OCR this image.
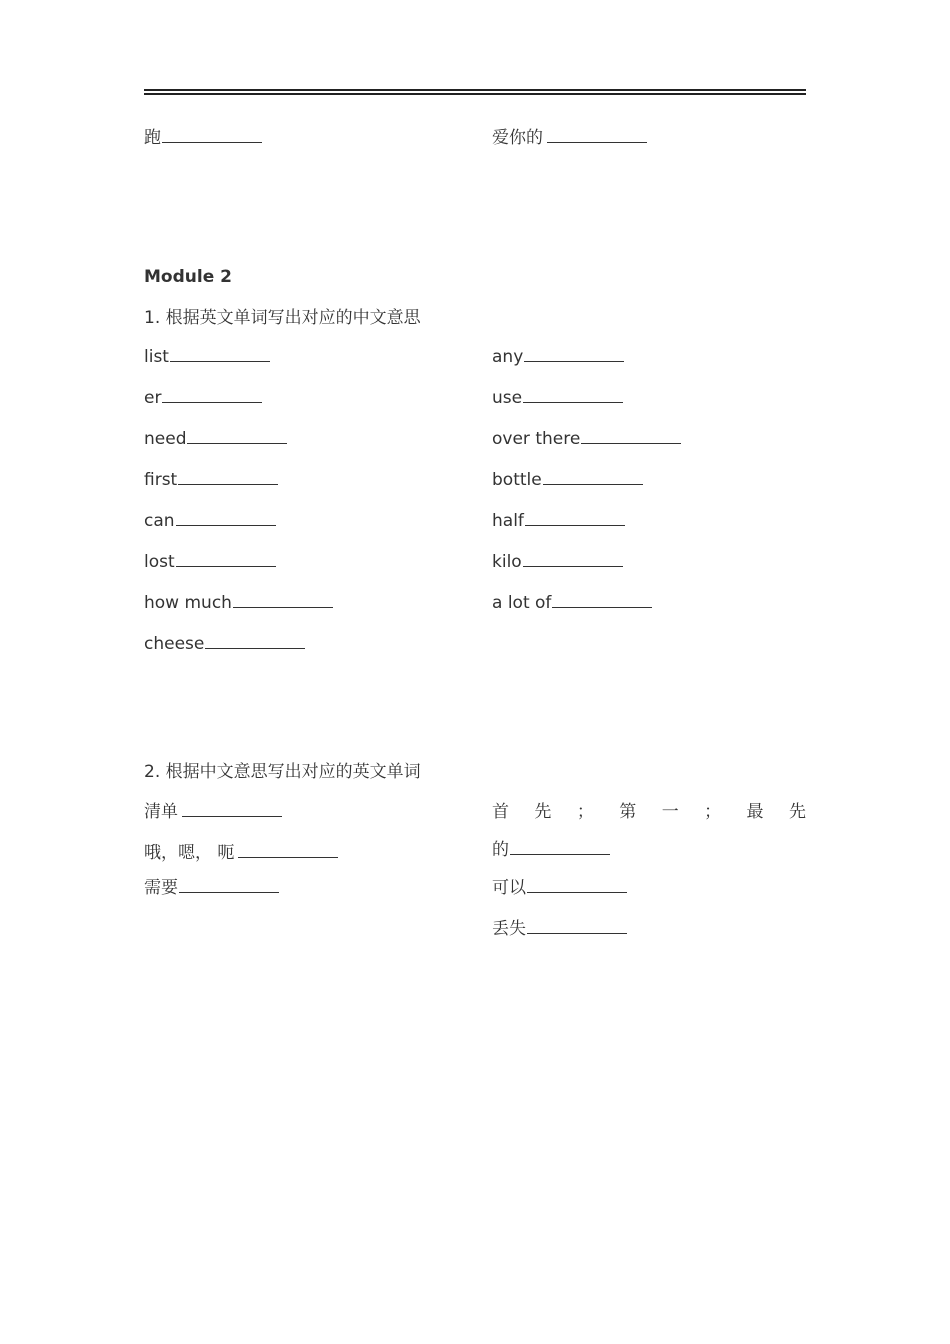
跑	爱你的
Module 2
1. 根据英文单词写出对应的中文意思
list
er
need
first
can
lost
how much
cheese
any
use
over there
bottle
half
kilo
a lot of
2. 根据中文意思写出对应的英文单词
清单
哦，嗯， 呃
需要
首 先 ； 第 一 ； 最 先
的
可以
丢失
